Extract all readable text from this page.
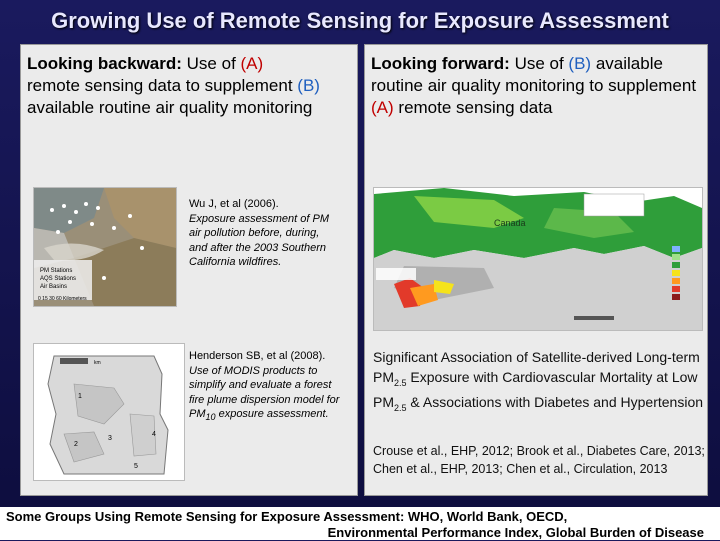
Growing Use of Remote Sensing for Exposure Assessment
Looking backward: Use of (A)
remote sensing data to supplement (B) available routine air quality monitoring
PM Stations
AQS Stations
Air Basins
0 15 30 60 Kilometers
Wu J, et al (2006).
Exposure assessment of PM air pollution before, during, and after the 2003 Southern California wildfires.
km
1
2
3
4
5
Henderson SB, et al (2008).
Use of MODIS products to simplify and evaluate a forest fire plume dispersion model for $PM_{10}$ exposure assessment.
Looking forward: Use of (B) available routine air quality monitoring to supplement (A) remote sensing data
Canada
Significant Association of Satellite-derived Long-term $PM_{2.5}$ Exposure with Cardiovascular Mortality at Low $PM_{2.5}$ & Associations with Diabetes and Hypertension
Crouse et al., EHP, 2012; Brook et al., Diabetes Care, 2013; Chen et al., EHP, 2013; Chen et al., Circulation, 2013
Some Groups Using Remote Sensing for Exposure Assessment: WHO, World Bank, OECD,
Environmental Performance Index, Global Burden of Disease
